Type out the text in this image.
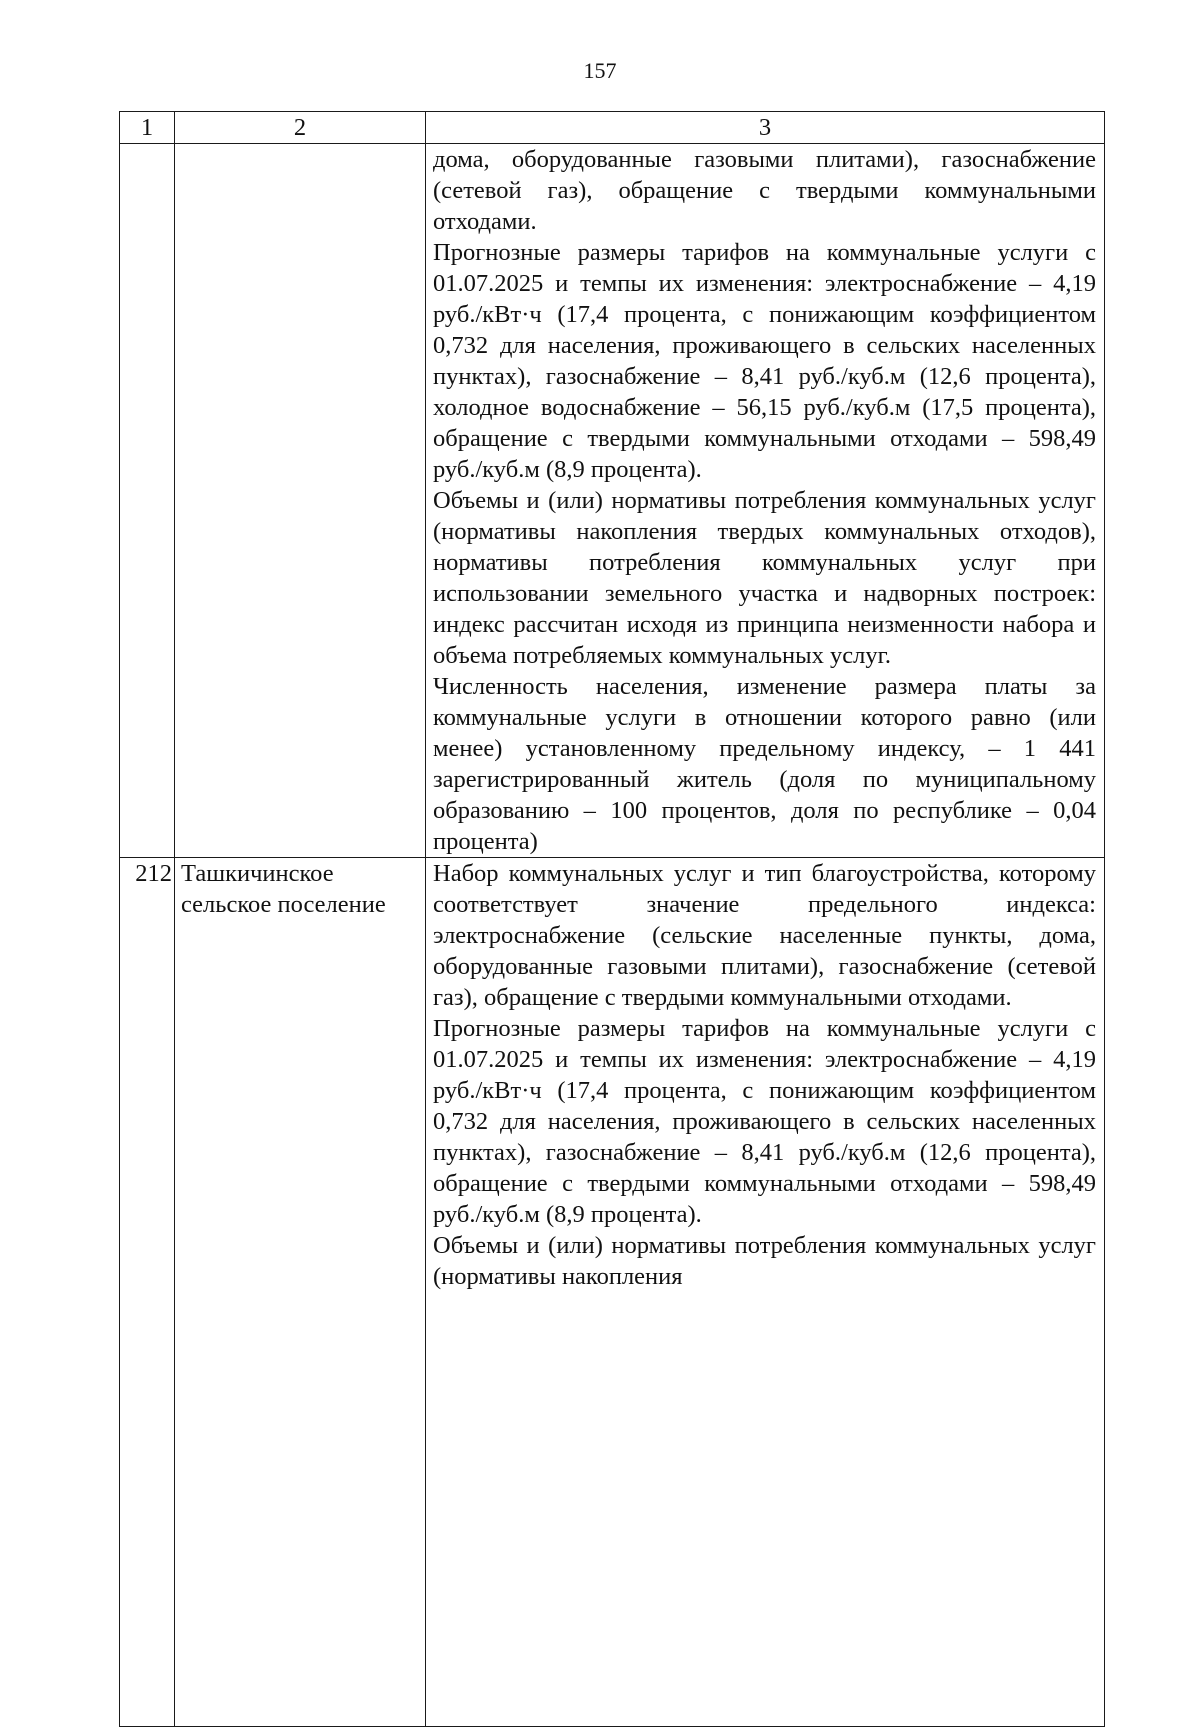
157
1	2	3

		дома, оборудованные газовыми плитами), газоснабжение (сетевой газ), обращение с твердыми коммунальными отходами.

Прогнозные размеры тарифов на коммунальные услуги с 01.07.2025 и темпы их изменения: электроснабжение – 4,19 руб./кВт·ч (17,4 процента, с понижающим коэффициентом 0,732 для населения, проживающего в сельских населенных пунктах), газоснабжение – 8,41 руб./куб.м (12,6 процента), холодное водоснабжение – 56,15 руб./куб.м (17,5 процента), обращение с твердыми коммунальными отходами – 598,49 руб./куб.м (8,9 процента).

Объемы и (или) нормативы потребления коммунальных услуг (нормативы накопления твердых коммунальных отходов), нормативы потребления коммунальных услуг при использовании земельного участка и надворных построек: индекс рассчитан исходя из принципа неизменности набора и объема потребляемых коммунальных услуг.

Численность населения, изменение размера платы за коммунальные услуги в отношении которого равно (или менее) установленному предельному индексу, – 1 441 зарегистрированный житель (доля по муниципальному образованию – 100 процентов, доля по республике – 0,04 процента)

212	Ташкичинское сельское поселение	Набор коммунальных услуг и тип благоустройства, которому соответствует значение предельного индекса: электроснабжение (сельские населенные пункты, дома, оборудованные газовыми плитами), газоснабжение (сетевой газ), обращение с твердыми коммунальными отходами.

Прогнозные размеры тарифов на коммунальные услуги с 01.07.2025 и темпы их изменения: электроснабжение – 4,19 руб./кВт·ч (17,4 процента, с понижающим коэффициентом 0,732 для населения, проживающего в сельских населенных пунктах), газоснабжение – 8,41 руб./куб.м (12,6 процента), обращение с твердыми коммунальными отходами – 598,49 руб./куб.м (8,9 процента).

Объемы и (или) нормативы потребления коммунальных услуг (нормативы накопления
